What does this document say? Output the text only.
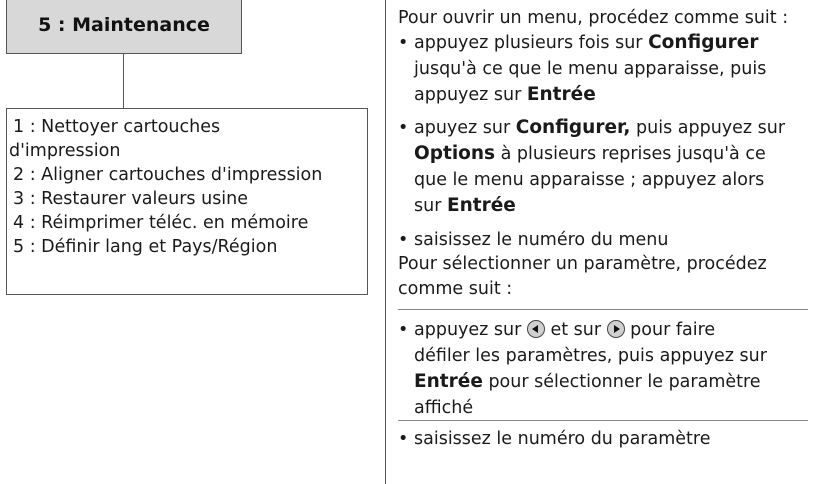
5 : Maintenance
1 : Nettoyer cartouches
d'impression
2 : Aligner cartouches d'impression
3 : Restaurer valeurs usine
4 : Réimprimer téléc. en mémoire
5 : Définir lang et Pays/Région
Pour ouvrir un menu, procédez comme suit :
• appuyez plusieurs fois sur Configurer
jusqu'à ce que le menu apparaisse, puis
appuyez sur Entrée
• apuyez sur Configurer, puis appuyez sur
Options à plusieurs reprises jusqu'à ce
que le menu apparaisse ; appuyez alors
sur Entrée
• saisissez le numéro du menu
Pour sélectionner un paramètre, procédez
comme suit :
• appuyez sur  et sur  pour faire
défiler les paramètres, puis appuyez sur
Entrée pour sélectionner le paramètre
affiché
• saisissez le numéro du paramètre
